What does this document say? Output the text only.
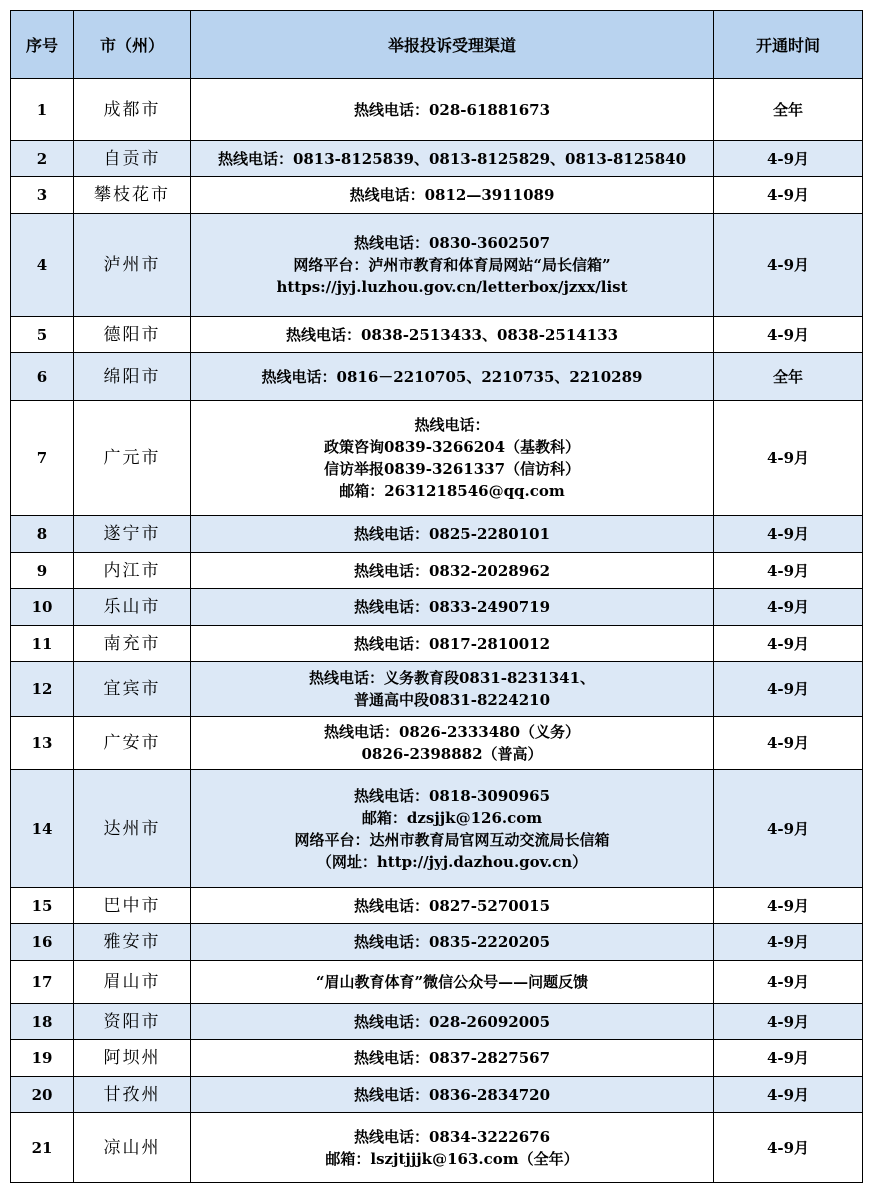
序号	市（州）	举报投诉受理渠道	开通时间
1	成都市	热线电话：028-61881673	全年
2	自贡市	热线电话：0813-8125839、0813-8125829、0813-8125840	4-9月
3	攀枝花市	热线电话：0812—3911089	4-9月
4	泸州市	热线电话：0830-3602507
网络平台：泸州市教育和体育局网站“局长信箱”
https://jyj.luzhou.gov.cn/letterbox/jzxx/list	4-9月
5	德阳市	热线电话：0838-2513433、0838-2514133	4-9月
6	绵阳市	热线电话：0816－2210705、2210735、2210289	全年
7	广元市	热线电话：
政策咨询0839-3266204（基教科）
信访举报0839-3261337（信访科）
邮箱：2631218546@qq.com	4-9月
8	遂宁市	热线电话：0825-2280101	4-9月
9	内江市	热线电话：0832-2028962	4-9月
10	乐山市	热线电话：0833-2490719	4-9月
11	南充市	热线电话：0817-2810012	4-9月
12	宜宾市	热线电话：义务教育段0831-8231341、
普通高中段0831-8224210	4-9月
13	广安市	热线电话：0826-2333480（义务）
0826-2398882（普高）	4-9月
14	达州市	热线电话：0818-3090965
邮箱：dzsjjk@126.com
网络平台：达州市教育局官网互动交流局长信箱
（网址：http://jyj.dazhou.gov.cn）	4-9月
15	巴中市	热线电话：0827-5270015	4-9月
16	雅安市	热线电话：0835-2220205	4-9月
17	眉山市	“眉山教育体育”微信公众号——问题反馈	4-9月
18	资阳市	热线电话：028-26092005	4-9月
19	阿坝州	热线电话：0837-2827567	4-9月
20	甘孜州	热线电话：0836-2834720	4-9月
21	凉山州	热线电话：0834-3222676
邮箱：lszjtjjjk@163.com（全年）	4-9月
